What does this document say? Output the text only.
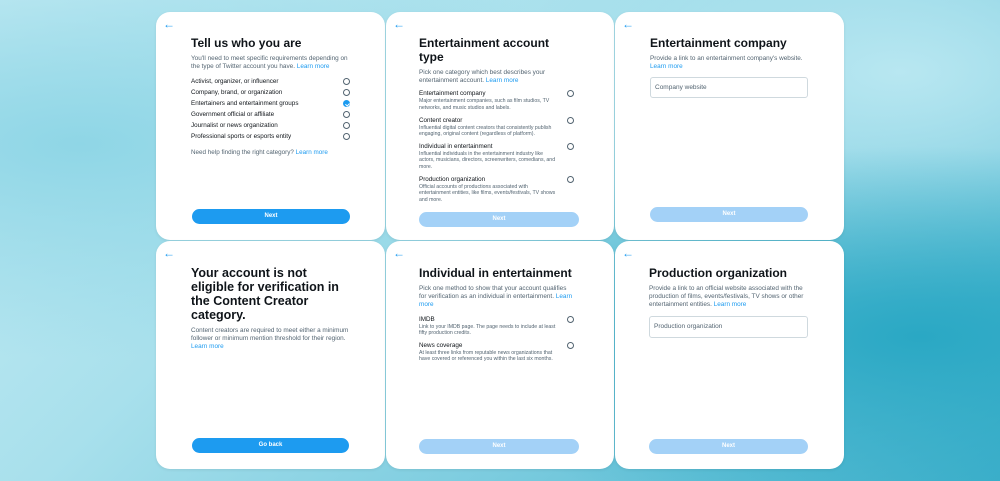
←
Tell us who you are
You'll need to meet specific requirements depending on the type of Twitter account you have. Learn more
Activist, organizer, or influencer
Company, brand, or organization
Entertainers and entertainment groups
Government official or affiliate
Journalist or news organization
Professional sports or esports entity
Need help finding the right category? Learn more
Next
←
Entertainment account type
Pick one category which best describes your entertainment account. Learn more
Entertainment company
Major entertainment companies, such as film studios, TV networks, and music studios and labels.
Content creator
Influential digital content creators that consistently publish engaging, original content (regardless of platform).
Individual in entertainment
Influential individuals in the entertainment industry like actors, musicians, directors, screenwriters, comedians, and more.
Production organization
Official accounts of productions associated with entertainment entities, like films, events/festivals, TV shows and more.
Next
←
Entertainment company
Provide a link to an entertainment company's website. Learn more
Company website
Next
←
Your account is not eligible for verification in the Content Creator category.
Content creators are required to meet either a minimum follower or minimum mention threshold for their region. Learn more
Go back
←
Individual in entertainment
Pick one method to show that your account qualifies for verification as an individual in entertainment. Learn more
IMDB
Link to your IMDB page. The page needs to include at least fifty production credits.
News coverage
At least three links from reputable news organizations that have covered or referenced you within the last six months.
Next
←
Production organization
Provide a link to an official website associated with the production of films, events/festivals, TV shows or other entertainment entities. Learn more
Production organization
Next
